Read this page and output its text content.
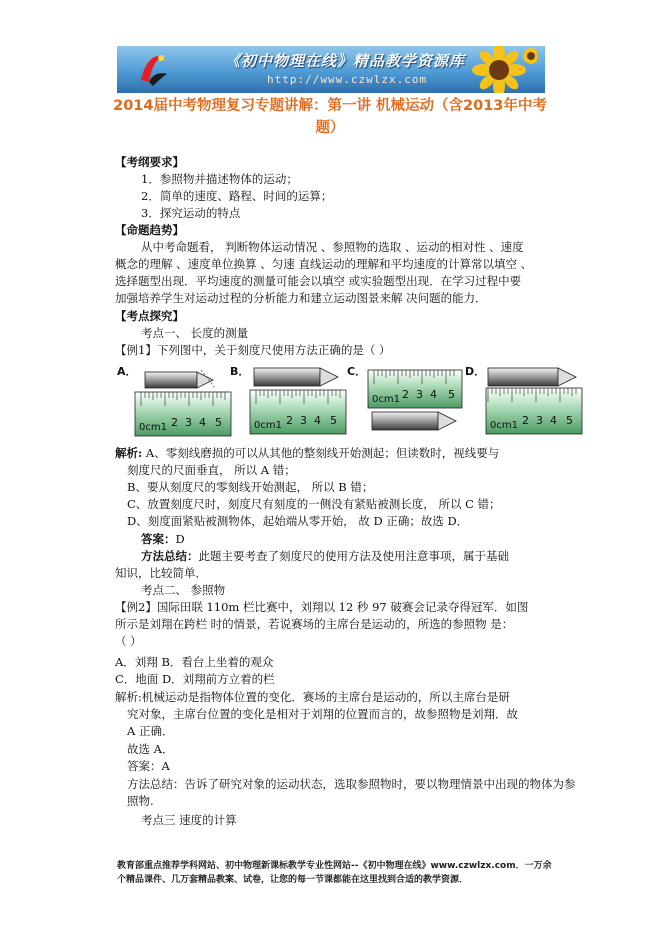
《初中物理在线》精品教学资源库
http://www.czwlzx.com
2014届中考物理复习专题讲解：第一讲 机械运动（含2013年中考
题）
【考纲要求】
1．参照物并描述物体的运动；
2．简单的速度、路程、时间的运算；
3．探究运动的特点
【命题趋势】
从中考命题看， 判断物体运动情况 、参照物的选取 、运动的相对性 、速度
概念的理解 、速度单位换算 、匀速 直线运动的理解和平均速度的计算常以填空 、
选择题型出现．平均速度的测量可能会以填空 或实验题型出现．在学习过程中要
加强培养学生对运动过程的分析能力和建立运动图景来解 决问题的能力．
【考点探究】
考点一、 长度的测量
【例1】下列图中，关于刻度尺使用方法正确的是（ ）
A．	B．	C．	D．
0cm1 2 3 4 5	0cm1 2 3 4 5
0cm1 2 3 4 5
0cm1 2 3 4 5
解析: A、零刻线磨损的可以从其他的整刻线开始测起；但读数时，视线要与
刻度尺的尺面垂直， 所以 A 错；
B、要从刻度尺的零刻线开始测起， 所以 B 错；
C、放置刻度尺时，刻度尺有刻度的一侧没有紧贴被测长度， 所以 C 错；
D、刻度面紧贴被测物体，起始端从零开始， 故 D 正确；故选 D．
答案：D
方法总结：此题主要考查了刻度尺的使用方法及使用注意事项，属于基础
知识，比较简单．
考点二、 参照物
【例2】国际田联 110m 栏比赛中，刘翔以 12 秒 97 破赛会记录夺得冠军．如图
所示是刘翔在跨栏 时的情景，若说赛场的主席台是运动的，所选的参照物 是：
（ ）
A．刘翔 B．看台上坐着的观众
C．地面 D．刘翔前方立着的栏
解析:机械运动是指物体位置的变化．赛场的主席台是运动的，所以主席台是研
究对象，主席台位置的变化是相对于刘翔的位置而言的，故参照物是刘翔．故
A 正确．
故选 A．
答案：A
方法总结：告诉了研究对象的运动状态，选取参照物时，要以物理情景中出现的物体为参
照物.
考点三 速度的计算
教育部重点推荐学科网站、初中物理新课标教学专业性网站--《初中物理在线》www.czwlzx.com．一万余
个精品课件、几万套精品教案、试卷，让您的每一节课都能在这里找到合适的教学资源．
